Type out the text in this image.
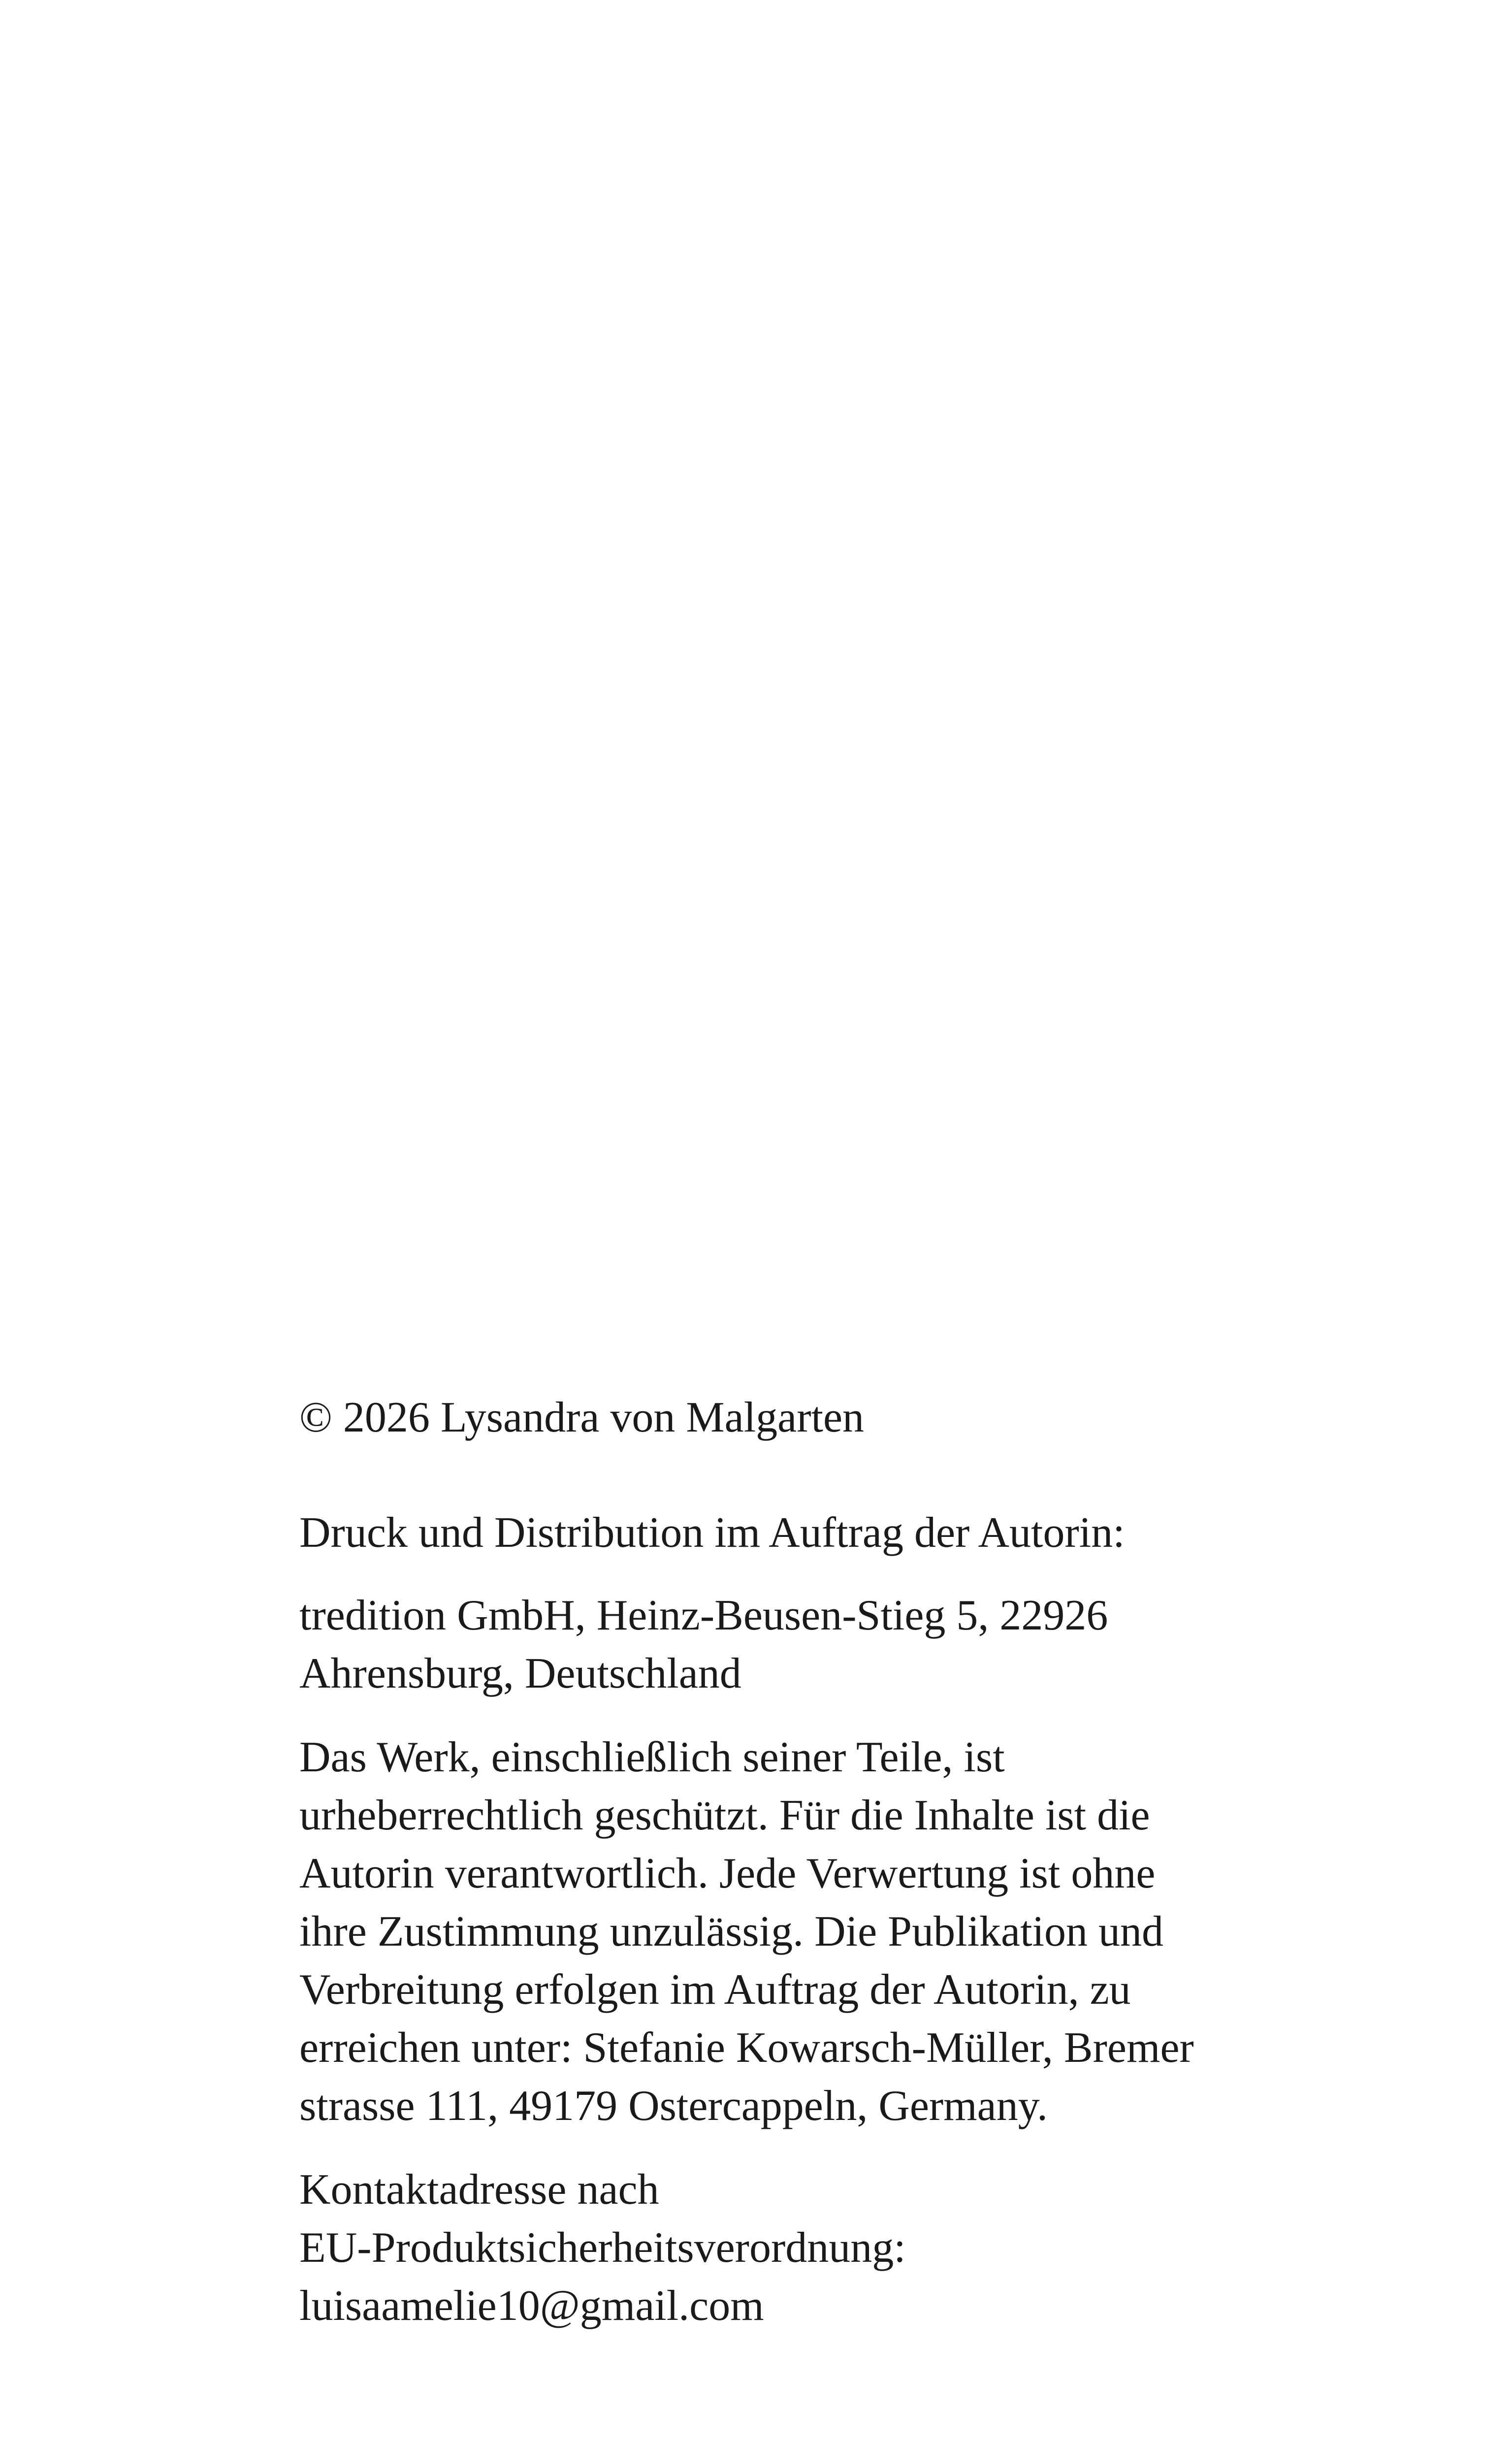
© 2026 Lysandra von Malgarten

Druck und Distribution im Auftrag der Autorin:

tredition GmbH, Heinz-Beusen-Stieg 5, 22926
Ahrensburg, Deutschland

Das Werk, einschließlich seiner Teile, ist
urheberrechtlich geschützt. Für die Inhalte ist die
Autorin verantwortlich. Jede Verwertung ist ohne
ihre Zustimmung unzulässig. Die Publikation und
Verbreitung erfolgen im Auftrag der Autorin, zu
erreichen unter: Stefanie Kowarsch-Müller, Bremer
strasse 111, 49179 Ostercappeln, Germany.

Kontaktadresse nach
EU-Produktsicherheitsverordnung:
luisaamelie10@gmail.com
